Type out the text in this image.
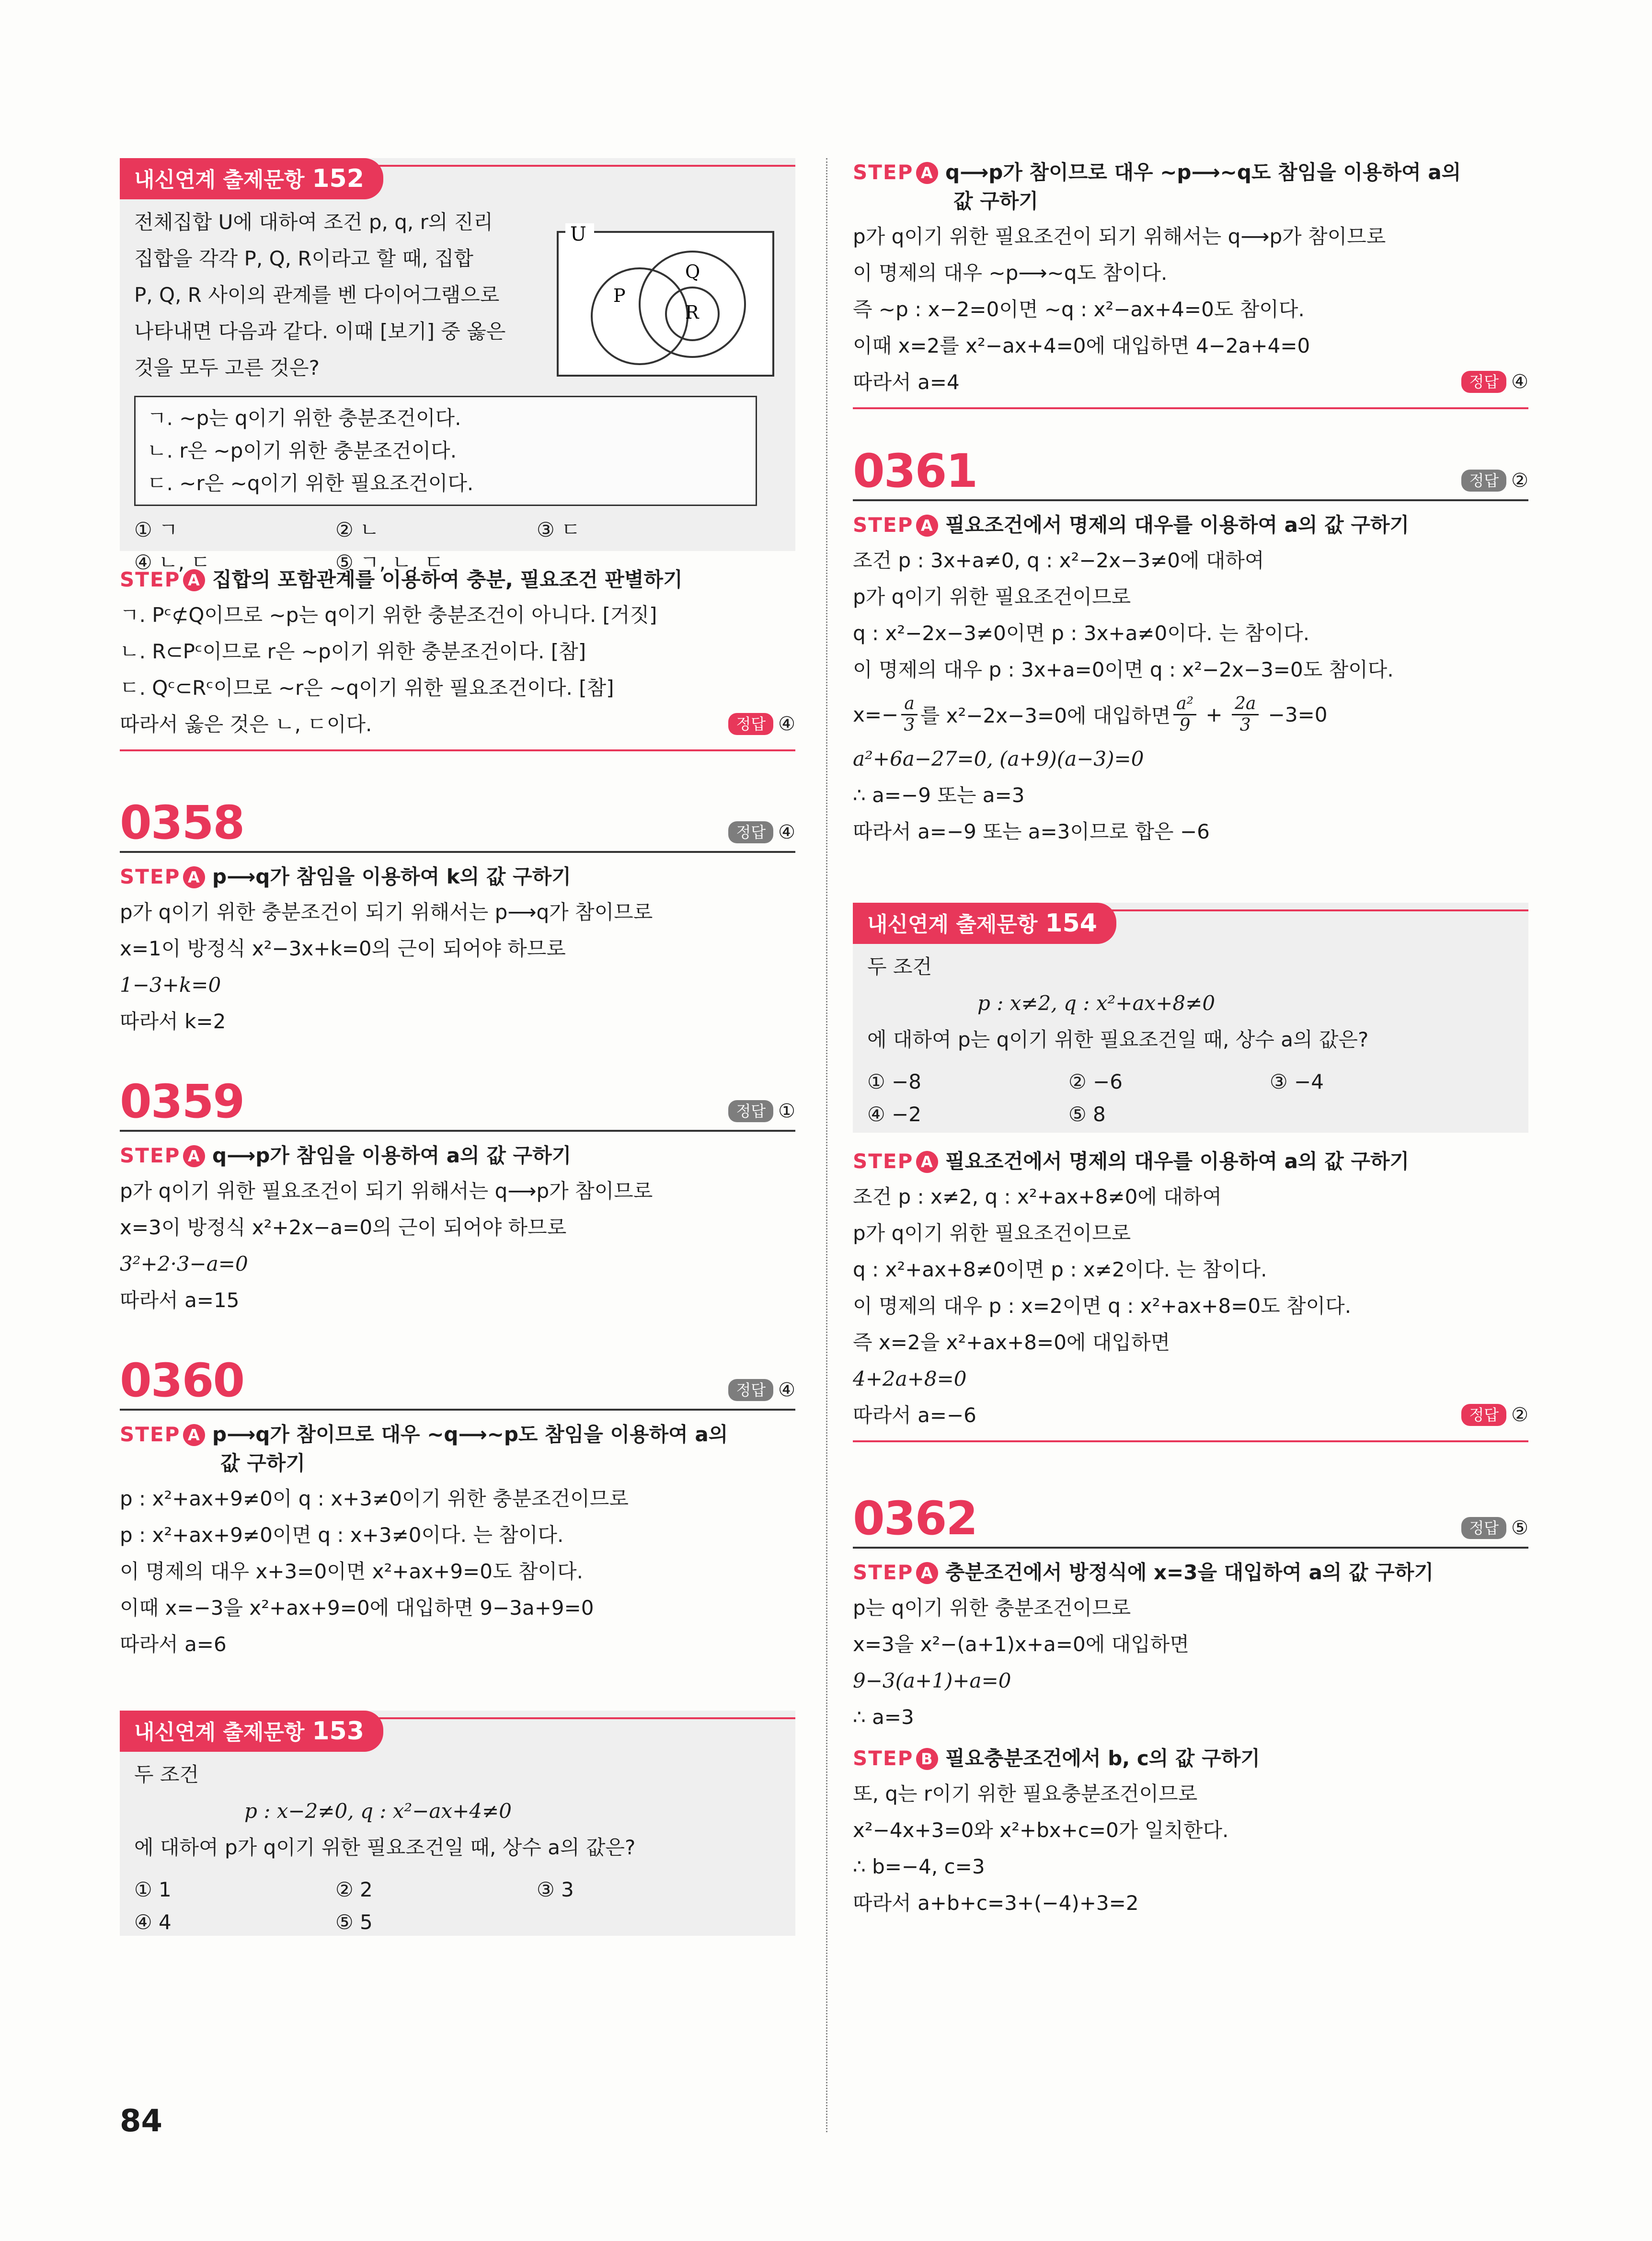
내신연계 출제문항 152

전체집합 U에 대하여 조건 p, q, r의 진리

집합을 각각 P, Q, R이라고 할 때, 집합

P, Q, R 사이의 관계를 벤 다이어그램으로

나타내면 다음과 같다. 이때 [보기] 중 옳은

것을 모두 고른 것은?

U
P
Q
R

ㄱ. ~p는 q이기 위한 충분조건이다.

ㄴ. r은 ~p이기 위한 충분조건이다.

ㄷ. ~r은 ~q이기 위한 필요조건이다.

① ㄱ	② ㄴ	③ ㄷ
④ ㄴ, ㄷ	⑤ ㄱ, ㄴ, ㄷ
STEP A 집합의 포함관계를 이용하여 충분, 필요조건 판별하기

ㄱ. Pᶜ⊄Q이므로 ~p는 q이기 위한 충분조건이 아니다. [거짓]

ㄴ. R⊂Pᶜ이므로 r은 ~p이기 위한 충분조건이다. [참]

ㄷ. Qᶜ⊂Rᶜ이므로 ~r은 ~q이기 위한 필요조건이다. [참]

따라서 옳은 것은 ㄴ, ㄷ이다.	정답 ④
0358	정답 ④
STEP A p⟶q가 참임을 이용하여 k의 값 구하기

p가 q이기 위한 충분조건이 되기 위해서는 p⟶q가 참이므로

x=1이 방정식 x²−3x+k=0의 근이 되어야 하므로

1−3+k=0

따라서 k=2

0359	정답 ①
STEP A q⟶p가 참임을 이용하여 a의 값 구하기

p가 q이기 위한 필요조건이 되기 위해서는 q⟶p가 참이므로

x=3이 방정식 x²+2x−a=0의 근이 되어야 하므로

3²+2·3−a=0

따라서 a=15

0360	정답 ④
STEP A p⟶q가 참이므로 대우 ~q⟶~p도 참임을 이용하여 a의
값 구하기

p : x²+ax+9≠0이 q : x+3≠0이기 위한 충분조건이므로

p : x²+ax+9≠0이면 q : x+3≠0이다. 는 참이다.

이 명제의 대우 x+3=0이면 x²+ax+9=0도 참이다.

이때 x=−3을 x²+ax+9=0에 대입하면 9−3a+9=0

따라서 a=6

내신연계 출제문항 153

두 조건

p : x−2≠0, q : x²−ax+4≠0

에 대하여 p가 q이기 위한 필요조건일 때, 상수 a의 값은?

① 1	② 2	③ 3
④ 4	⑤ 5
STEP A q⟶p가 참이므로 대우 ~p⟶~q도 참임을 이용하여 a의
값 구하기

p가 q이기 위한 필요조건이 되기 위해서는 q⟶p가 참이므로

이 명제의 대우 ~p⟶~q도 참이다.

즉 ~p : x−2=0이면 ~q : x²−ax+4=0도 참이다.

이때 x=2를 x²−ax+4=0에 대입하면 4−2a+4=0

따라서 a=4	정답 ④
0361	정답 ②
STEP A 필요조건에서 명제의 대우를 이용하여 a의 값 구하기

조건 p : 3x+a≠0, q : x²−2x−3≠0에 대하여

p가 q이기 위한 필요조건이므로

q : x²−2x−3≠0이면 p : 3x+a≠0이다. 는 참이다.

이 명제의 대우 p : 3x+a=0이면 q : x²−2x−3=0도 참이다.

$x=- \frac{a}{3}$ 를 x²−2x−3=0에 대입하면 $\frac{\text{a²}}{9} + \frac{2a}{3} -3=0$

a²+6a−27=0, (a+9)(a−3)=0

∴ a=−9 또는 a=3

따라서 a=−9 또는 a=3이므로 합은 −6

내신연계 출제문항 154

두 조건

p : x≠2, q : x²+ax+8≠0

에 대하여 p는 q이기 위한 필요조건일 때, 상수 a의 값은?

① −8	② −6	③ −4
④ −2	⑤ 8
STEP A 필요조건에서 명제의 대우를 이용하여 a의 값 구하기

조건 p : x≠2, q : x²+ax+8≠0에 대하여

p가 q이기 위한 필요조건이므로

q : x²+ax+8≠0이면 p : x≠2이다. 는 참이다.

이 명제의 대우 p : x=2이면 q : x²+ax+8=0도 참이다.

즉 x=2을 x²+ax+8=0에 대입하면

4+2a+8=0

따라서 a=−6	정답 ②
0362	정답 ⑤
STEP A 충분조건에서 방정식에 x=3을 대입하여 a의 값 구하기

p는 q이기 위한 충분조건이므로

x=3을 x²−(a+1)x+a=0에 대입하면

9−3(a+1)+a=0

∴ a=3

STEP B 필요충분조건에서 b, c의 값 구하기

또, q는 r이기 위한 필요충분조건이므로

x²−4x+3=0와 x²+bx+c=0가 일치한다.

∴ b=−4, c=3

따라서 a+b+c=3+(−4)+3=2

84
